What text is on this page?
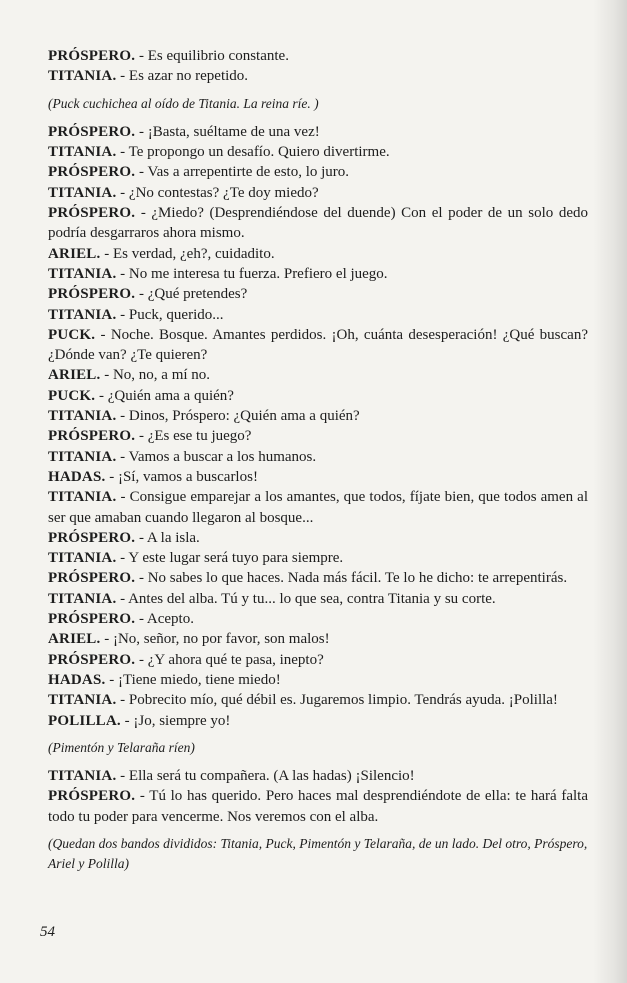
PRÓSPERO. - Es equilibrio constante.
TITANIA. - Es azar no repetido.
(Puck cuchichea al oído de Titania. La reina ríe. )
PRÓSPERO. - ¡Basta, suéltame de una vez!
TITANIA. - Te propongo un desafío. Quiero divertirme.
PRÓSPERO. - Vas a arrepentirte de esto, lo juro.
TITANIA. - ¿No contestas? ¿Te doy miedo?
PRÓSPERO. - ¿Miedo? (Desprendiéndose del duende) Con el poder de un solo dedo podría desgarraros ahora mismo.
ARIEL. - Es verdad, ¿eh?, cuidadito.
TITANIA. - No me interesa tu fuerza. Prefiero el juego.
PRÓSPERO. - ¿Qué pretendes?
TITANIA. - Puck, querido...
PUCK. - Noche. Bosque. Amantes perdidos. ¡Oh, cuánta desesperación! ¿Qué buscan? ¿Dónde van? ¿Te quieren?
ARIEL. - No, no, a mí no.
PUCK. - ¿Quién ama a quién?
TITANIA. - Dinos, Próspero: ¿Quién ama a quién?
PRÓSPERO. - ¿Es ese tu juego?
TITANIA. - Vamos a buscar a los humanos.
HADAS. - ¡Sí, vamos a buscarlos!
TITANIA. - Consigue emparejar a los amantes, que todos, fíjate bien, que todos amen al ser que amaban cuando llegaron al bosque...
PRÓSPERO. - A la isla.
TITANIA. - Y este lugar será tuyo para siempre.
PRÓSPERO. - No sabes lo que haces. Nada más fácil. Te lo he dicho: te arrepentirás.
TITANIA. - Antes del alba. Tú y tu... lo que sea, contra Titania y su corte.
PRÓSPERO. - Acepto.
ARIEL. - ¡No, señor, no por favor, son malos!
PRÓSPERO. - ¿Y ahora qué te pasa, inepto?
HADAS. - ¡Tiene miedo, tiene miedo!
TITANIA. - Pobrecito mío, qué débil es. Jugaremos limpio. Tendrás ayuda. ¡Polilla!
POLILLA. - ¡Jo, siempre yo!
(Pimentón y Telaraña ríen)
TITANIA. - Ella será tu compañera. (A las hadas) ¡Silencio!
PRÓSPERO. - Tú lo has querido. Pero haces mal desprendiéndote de ella: te hará falta todo tu poder para vencerme. Nos veremos con el alba.
(Quedan dos bandos divididos: Titania, Puck, Pimentón y Telaraña, de un lado. Del otro, Próspero, Ariel y Polilla)
54
